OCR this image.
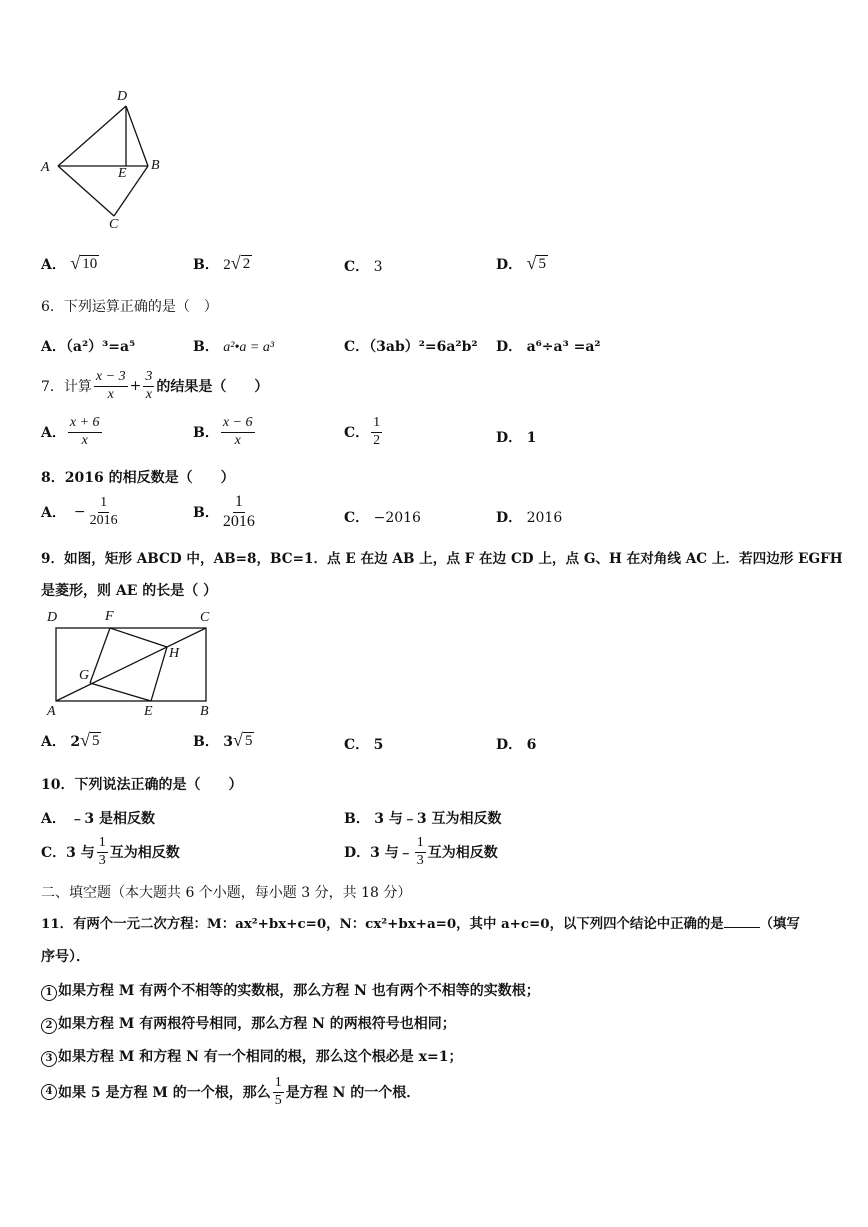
D
A	E
B
C
A． √ 10	B． 2 √ 2	C． 3	D． √ 5
6．下列运算正确的是（　）
A．（a²）³=a⁵	B． a²•a = a³	C．（3ab）²=6a²b² D． a⁶÷a³ =a²
7．计算 $\frac{x - 3}{x} + \frac{3}{x}$ 的结果是（　　）
A． $\frac{x + 6}{x}$	B． $\frac{x - 6}{x}$	C． $\frac{1}{2}$	D． 1
8．2016 的相反数是（　　）
A． − $\frac{1}{2016}$	B． $\frac{1}{2016}$	C． −2016	D． 2016
9．如图，矩形 ABCD 中，AB=8，BC=1．点 E 在边 AB 上，点 F 在边 CD 上，点 G、H 在对角线 AC 上．若四边形 EGFH
是菱形，则 AE 的长是（ ）
D	F	C
H
G
A	E	B
A． 2 √ 5	B． 3 √ 5	C． 5	D． 6
10．下列说法正确的是（　　）
A． ﹣3 是相反数	B． 3 与﹣3 互为相反数
C． 3 与 $\frac{1}{3}$ 互为相反数	D． 3 与﹣ $\frac{1}{3}$ 互为相反数
二、填空题（本大题共 6 个小题，每小题 3 分，共 18 分）
11．有两个一元二次方程：M：ax²+bx+c=0，N：cx²+bx+a=0，其中 a+c=0，以下列四个结论中正确的是	（填写
序号）．
1 如果方程 M 有两个不相等的实数根，那么方程 N 也有两个不相等的实数根；
2 如果方程 M 有两根符号相同，那么方程 N 的两根符号也相同；
3 如果方程 M 和方程 N 有一个相同的根，那么这个根必是 x=1；
4 如果 5 是方程 M 的一个根，那么 $\frac{1}{5}$ 是方程 N 的一个根．
